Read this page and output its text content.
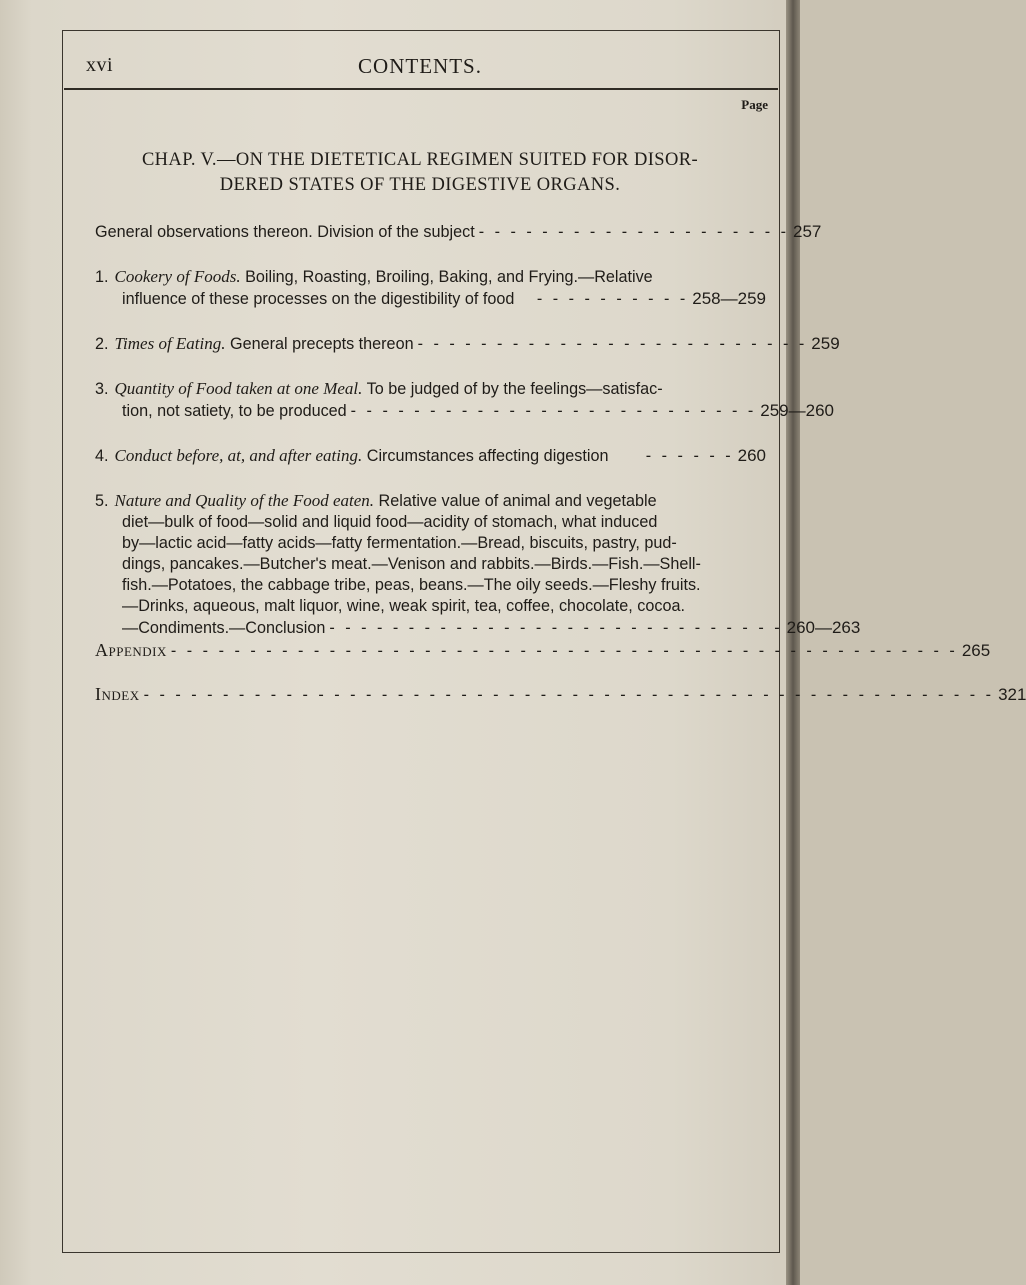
xvi	CONTENTS.
Page
CHAP. V.—ON THE DIETETICAL REGIMEN SUITED FOR DISOR-
DERED STATES OF THE DIGESTIVE ORGANS.
General observations thereon. Division of the subject - - - - - - - - - - - - - - - - - - - - 257
1. Cookery of Foods. Boiling, Roasting, Broiling, Baking, and Frying.—Relative
influence of these processes on the digestibility of food	- - - - - - - - - - 258—259
2. Times of Eating. General precepts thereon - - - - - - - - - - - - - - - - - - - - - - - - - 259
3. Quantity of Food taken at one Meal. To be judged of by the feelings—satisfac-
tion, not satiety, to be produced - - - - - - - - - - - - - - - - - - - - - - - - - - 259—260
4. Conduct before, at, and after eating. Circumstances affecting digestion	- - - - - - 260
5. Nature and Quality of the Food eaten. Relative value of animal and vegetable
diet—bulk of food—solid and liquid food—acidity of stomach, what induced
by—lactic acid—fatty acids—fatty fermentation.—Bread, biscuits, pastry, pud-
dings, pancakes.—Butcher's meat.—Venison and rabbits.—Birds.—Fish.—Shell-
fish.—Potatoes, the cabbage tribe, peas, beans.—The oily seeds.—Fleshy fruits.
—Drinks, aqueous, malt liquor, wine, weak spirit, tea, coffee, chocolate, cocoa.
—Condiments.—Conclusion - - - - - - - - - - - - - - - - - - - - - - - - - - - - - 260—263
Appendix - - - - - - - - - - - - - - - - - - - - - - - - - - - - - - - - - - - - - - - - - - - - - - - - - - 265
Index - - - - - - - - - - - - - - - - - - - - - - - - - - - - - - - - - - - - - - - - - - - - - - - - - - - - - - 321
